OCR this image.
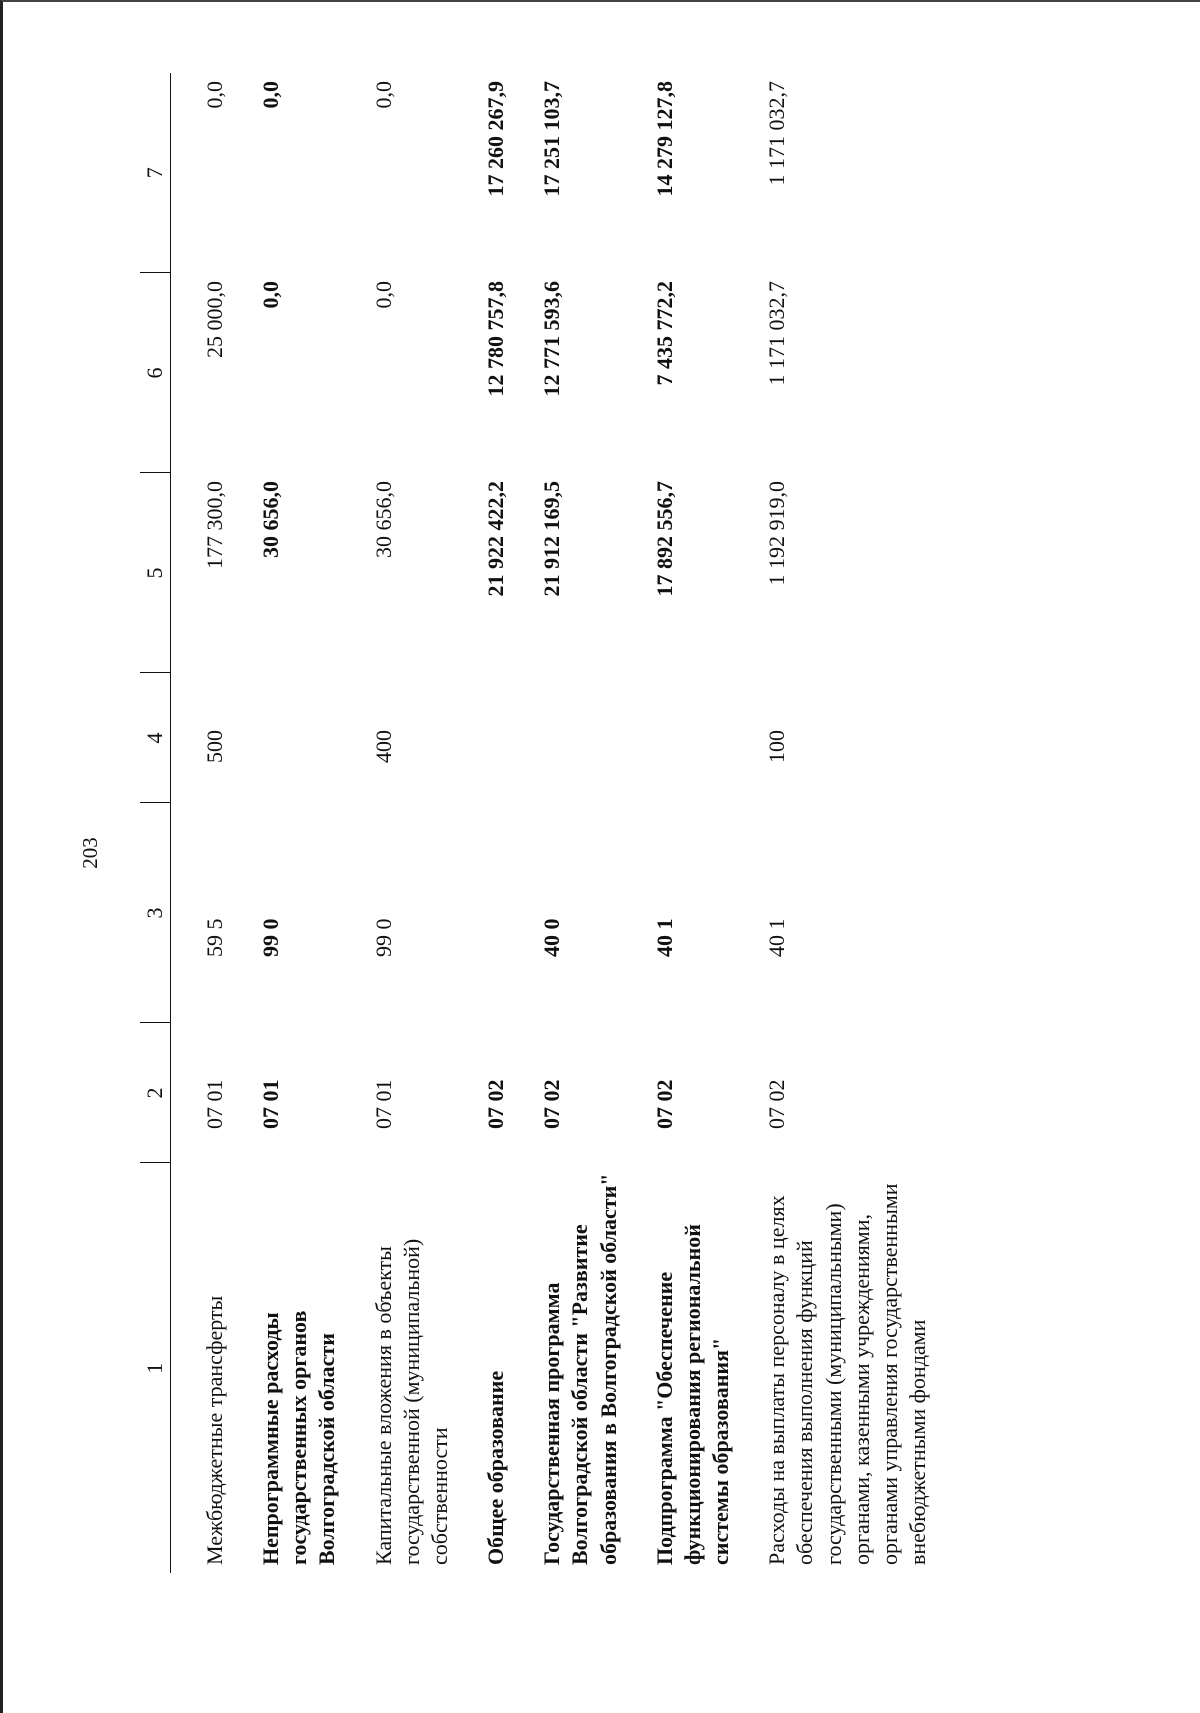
203
1	2	3	4	5	6	7
Межбюджетные трансферты	07 01	59 5	500	177 300,0	25 000,0	0,0
Непрограммные расходы государственных органов Волгоградской области	07 01	99 0		30 656,0	0,0	0,0
Капитальные вложения в объекты государственной (муниципальной) собственности	07 01	99 0	400	30 656,0	0,0	0,0
Общее образование	07 02			21 922 422,2	12 780 757,8	17 260 267,9
Государственная программа Волгоградской области "Развитие образования в Волгоградской области"	07 02	40 0		21 912 169,5	12 771 593,6	17 251 103,7
Подпрограмма "Обеспечение функционирования региональной системы образования"	07 02	40 1		17 892 556,7	7 435 772,2	14 279 127,8
Расходы на выплаты персоналу в целях обеспечения выполнения функций государственными (муниципальными) органами, казенными учреждениями, органами управления государственными внебюджетными фондами	07 02	40 1	100	1 192 919,0	1 171 032,7	1 171 032,7
